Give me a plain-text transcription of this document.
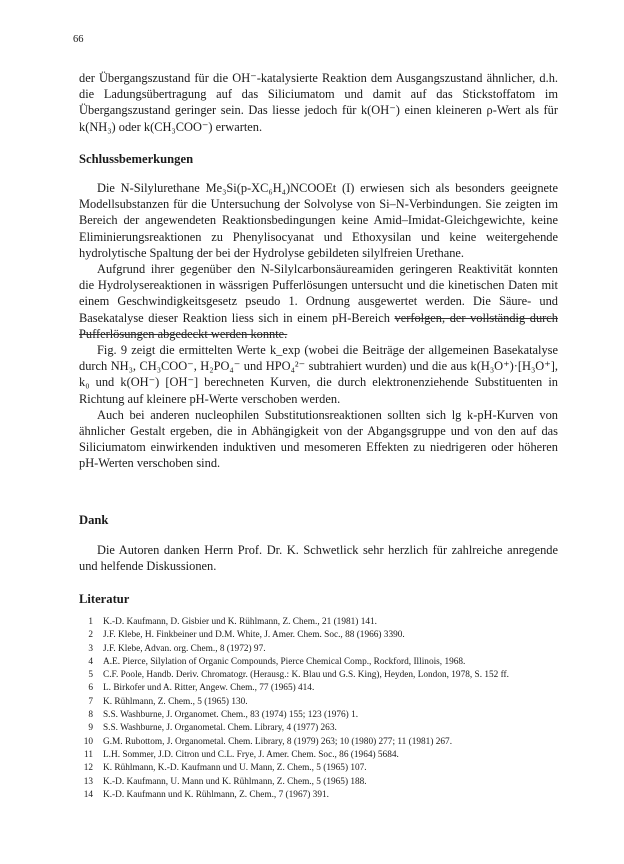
66

der Übergangszustand für die OH⁻-katalysierte Reaktion dem Ausgangszustand ähnlicher, d.h. die Ladungsübertragung auf das Siliciumatom und damit auf das Stickstoffatom im Übergangszustand geringer sein. Das liesse jedoch für k(OH⁻) einen kleineren ρ-Wert als für k(NH₃) oder k(CH₃COO⁻) erwarten.

Schlussbemerkungen

Die N-Silylurethane Me₃Si(p-XC₆H₄)NCOOEt (I) erwiesen sich als besonders geeignete Modellsubstanzen für die Untersuchung der Solvolyse von Si–N-Verbindungen. Sie zeigten im Bereich der angewendeten Reaktionsbedingungen keine Amid–Imidat-Gleichgewichte, keine Eliminierungsreaktionen zu Phenylisocyanat und Ethoxysilan und keine weitergehende hydrolytische Spaltung der bei der Hydrolyse gebildeten silylfreien Urethane.

Aufgrund ihrer gegenüber den N-Silylcarbonsäureamiden geringeren Reaktivität konnten die Hydrolysereaktionen in wässrigen Pufferlösungen untersucht und die kinetischen Daten mit einem Geschwindigkeitsgesetz pseudo 1. Ordnung ausgewertet werden. Die Säure- und Basekatalyse dieser Reaktion liess sich in einem pH-Bereich verfolgen, der vollständig durch Pufferlösungen abgedeckt werden konnte.

Fig. 9 zeigt die ermittelten Werte k_exp (wobei die Beiträge der allgemeinen Basekatalyse durch NH₃, CH₃COO⁻, H₂PO₄⁻ und HPO₄²⁻ subtrahiert wurden) und die aus k(H₃O⁺)·[H₃O⁺], k₀ und k(OH⁻) [OH⁻] berechneten Kurven, die durch elektronenziehende Substituenten in Richtung auf kleinere pH-Werte verschoben werden.

Auch bei anderen nucleophilen Substitutionsreaktionen sollten sich lg k-pH-Kurven von ähnlicher Gestalt ergeben, die in Abhängigkeit von der Abgangsgruppe und von den auf das Siliciumatom einwirkenden induktiven und mesomeren Effekten zu niedrigeren oder höheren pH-Werten verschoben sind.

Dank

Die Autoren danken Herrn Prof. Dr. K. Schwetlick sehr herzlich für zahlreiche anregende und helfende Diskussionen.

Literatur
1 K.-D. Kaufmann, D. Gisbier und K. Rühlmann, Z. Chem., 21 (1981) 141.
2 J.F. Klebe, H. Finkbeiner und D.M. White, J. Amer. Chem. Soc., 88 (1966) 3390.
3 J.F. Klebe, Advan. org. Chem., 8 (1972) 97.
4 A.E. Pierce, Silylation of Organic Compounds, Pierce Chemical Comp., Rockford, Illinois, 1968.
5 C.F. Poole, Handb. Deriv. Chromatogr. (Herausg.: K. Blau und G.S. King), Heyden, London, 1978, S. 152 ff.
6 L. Birkofer und A. Ritter, Angew. Chem., 77 (1965) 414.
7 K. Rühlmann, Z. Chem., 5 (1965) 130.
8 S.S. Washburne, J. Organomet. Chem., 83 (1974) 155; 123 (1976) 1.
9 S.S. Washburne, J. Organometal. Chem. Library, 4 (1977) 263.
10 G.M. Rubottom, J. Organometal. Chem. Library, 8 (1979) 263; 10 (1980) 277; 11 (1981) 267.
11 L.H. Sommer, J.D. Citron und C.L. Frye, J. Amer. Chem. Soc., 86 (1964) 5684.
12 K. Rühlmann, K.-D. Kaufmann und U. Mann, Z. Chem., 5 (1965) 107.
13 K.-D. Kaufmann, U. Mann und K. Rühlmann, Z. Chem., 5 (1965) 188.
14 K.-D. Kaufmann und K. Rühlmann, Z. Chem., 7 (1967) 391.
